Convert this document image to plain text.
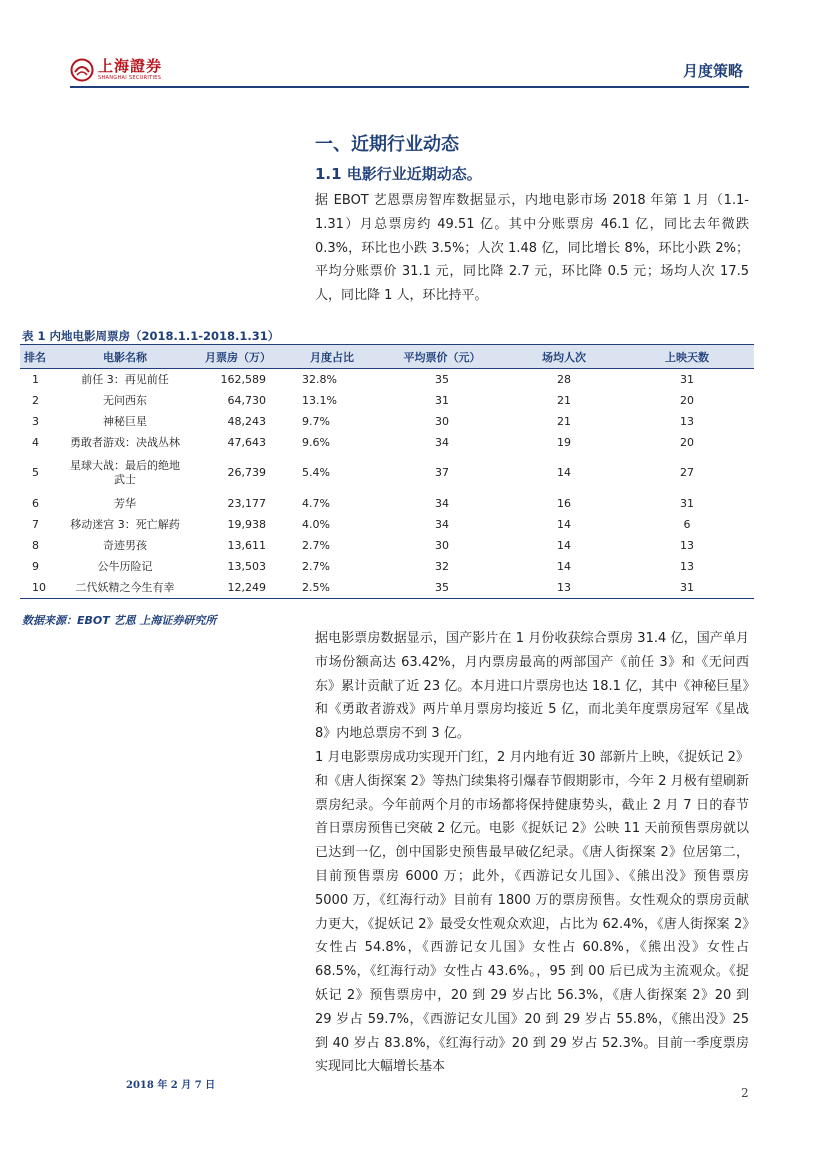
上海證券
SHANGHAI SECURITIES	月度策略
一、近期行业动态
1.1 电影行业近期动态。

据 EBOT 艺恩票房智库数据显示，内地电影市场 2018 年第 1 月（1.1-1.31）月总票房约 49.51 亿。其中分账票房 46.1 亿，同比去年微跌 0.3%，环比也小跌 3.5%；人次 1.48 亿，同比增长 8%，环比小跌 2%；平均分账票价 31.1 元，同比降 2.7 元，环比降 0.5 元；场均人次 17.5 人，同比降 1 人，环比持平。

表 1 内地电影周票房（2018.1.1-2018.1.31）
排名	电影名称	月票房（万）	月度占比	平均票价（元）	场均人次	上映天数
1	前任 3：再见前任	162,589	32.8%	35	28	31
2	无问西东	64,730	13.1%	31	21	20
3	神秘巨星	48,243	9.7%	30	21	13
4	勇敢者游戏：决战丛林	47,643	9.6%	34	19	20
5	星球大战：最后的绝地武士	26,739	5.4%	37	14	27
6	芳华	23,177	4.7%	34	16	31
7	移动迷宫 3：死亡解药	19,938	4.0%	34	14	6
8	奇迹男孩	13,611	2.7%	30	14	13
9	公牛历险记	13,503	2.7%	32	14	13
10	二代妖精之今生有幸	12,249	2.5%	35	13	31
数据来源：EBOT 艺恩 上海证券研究所

据电影票房数据显示，国产影片在 1 月份收获综合票房 31.4 亿，国产单月市场份额高达 63.42%，月内票房最高的两部国产《前任 3》和《无问西东》累计贡献了近 23 亿。本月进口片票房也达 18.1 亿，其中《神秘巨星》和《勇敢者游戏》两片单月票房均接近 5 亿，而北美年度票房冠军《星战 8》内地总票房不到 3 亿。

1 月电影票房成功实现开门红，2 月内地有近 30 部新片上映，《捉妖记 2》和《唐人街探案 2》等热门续集将引爆春节假期影市，今年 2 月极有望刷新票房纪录。今年前两个月的市场都将保持健康势头，截止 2 月 7 日的春节首日票房预售已突破 2 亿元。电影《捉妖记 2》公映 11 天前预售票房就以已达到一亿，创中国影史预售最早破亿纪录。《唐人街探案 2》位居第二，目前预售票房 6000 万；此外，《西游记女儿国》、《熊出没》预售票房 5000 万，《红海行动》目前有 1800 万的票房预售。女性观众的票房贡献力更大，《捉妖记 2》最受女性观众欢迎，占比为 62.4%，《唐人街探案 2》女性占 54.8%，《西游记女儿国》女性占 60.8%，《熊出没》女性占 68.5%，《红海行动》女性占 43.6%。，95 到 00 后已成为主流观众。《捉妖记 2》预售票房中，20 到 29 岁占比 56.3%，《唐人街探案 2》20 到 29 岁占 59.7%，《西游记女儿国》20 到 29 岁占 55.8%，《熊出没》25 到 40 岁占 83.8%，《红海行动》20 到 29 岁占 52.3%。目前一季度票房实现同比大幅增长基本

2018 年 2 月 7 日
2
